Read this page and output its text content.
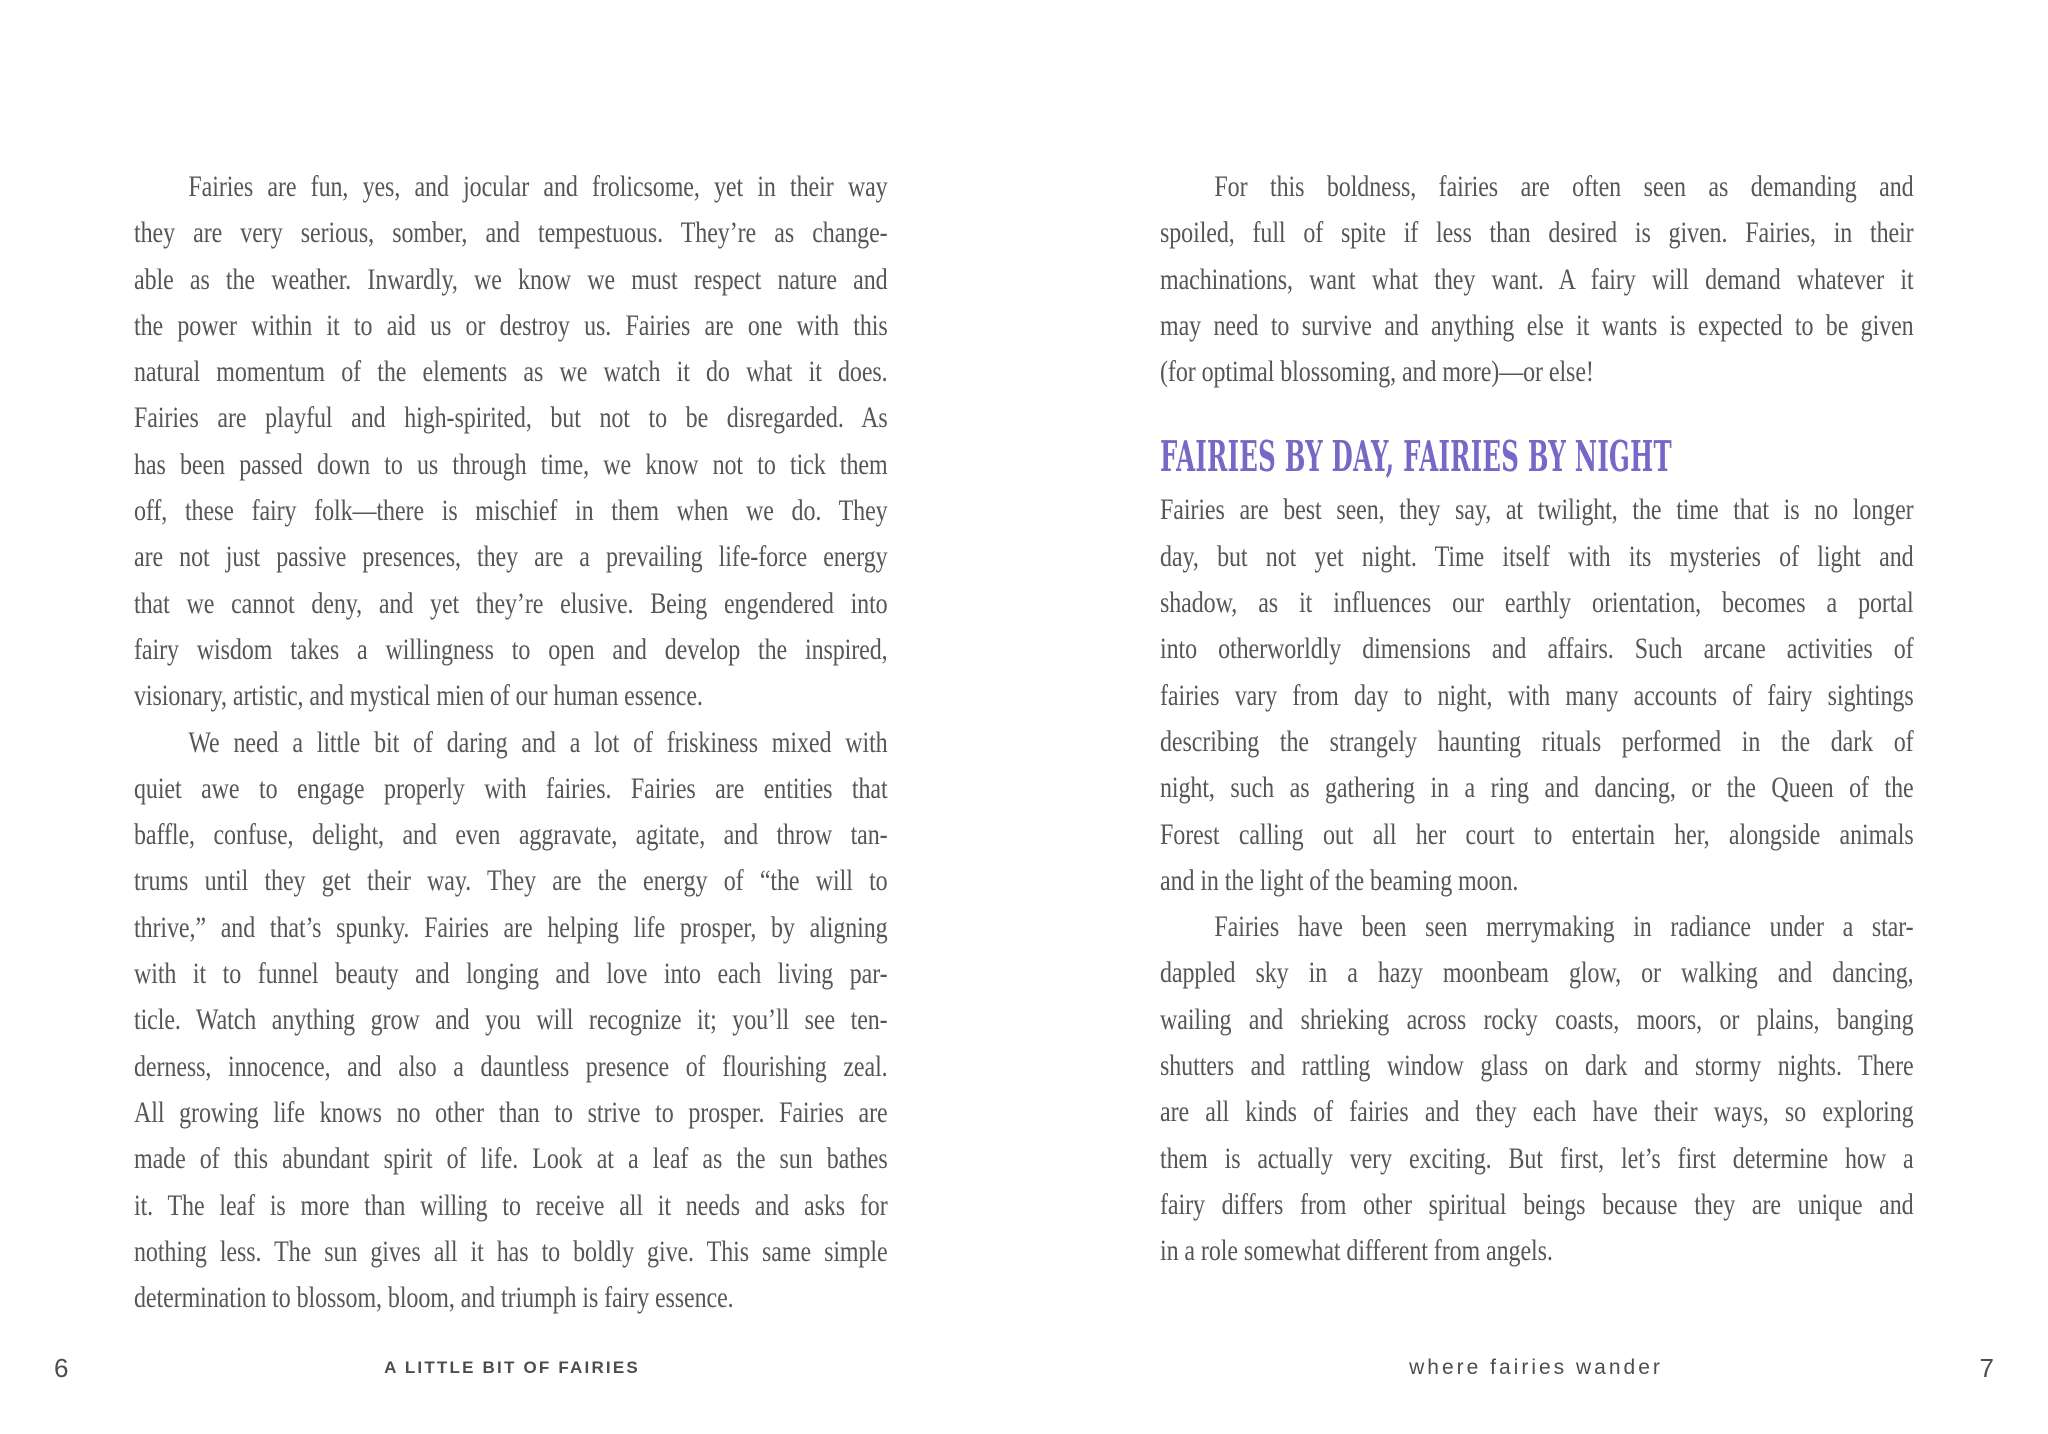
Fairies are fun, yes, and jocular and frolicsome, yet in their way
they are very serious, somber, and tempestuous. They’re as change-
able as the weather. Inwardly, we know we must respect nature and
the power within it to aid us or destroy us. Fairies are one with this
natural momentum of the elements as we watch it do what it does.
Fairies are playful and high-spirited, but not to be disregarded. As
has been passed down to us through time, we know not to tick them
off, these fairy folk—there is mischief in them when we do. They
are not just passive presences, they are a prevailing life-force energy
that we cannot deny, and yet they’re elusive. Being engendered into
fairy wisdom takes a willingness to open and develop the inspired,
visionary, artistic, and mystical mien of our human essence.
We need a little bit of daring and a lot of friskiness mixed with
quiet awe to engage properly with fairies. Fairies are entities that
baffle, confuse, delight, and even aggravate, agitate, and throw tan-
trums until they get their way. They are the energy of “the will to
thrive,” and that’s spunky. Fairies are helping life prosper, by aligning
with it to funnel beauty and longing and love into each living par-
ticle. Watch anything grow and you will recognize it; you’ll see ten-
derness, innocence, and also a dauntless presence of flourishing zeal.
All growing life knows no other than to strive to prosper. Fairies are
made of this abundant spirit of life. Look at a leaf as the sun bathes
it. The leaf is more than willing to receive all it needs and asks for
nothing less. The sun gives all it has to boldly give. This same simple
determination to blossom, bloom, and triumph is fairy essence.
6	A LITTLE BIT OF FAIRIES
For this boldness, fairies are often seen as demanding and
spoiled, full of spite if less than desired is given. Fairies, in their
machinations, want what they want. A fairy will demand whatever it
may need to survive and anything else it wants is expected to be given
(for optimal blossoming, and more)—or else!
FAIRIES BY DAY, FAIRIES BY NIGHT
Fairies are best seen, they say, at twilight, the time that is no longer
day, but not yet night. Time itself with its mysteries of light and
shadow, as it influences our earthly orientation, becomes a portal
into otherworldly dimensions and affairs. Such arcane activities of
fairies vary from day to night, with many accounts of fairy sightings
describing the strangely haunting rituals performed in the dark of
night, such as gathering in a ring and dancing, or the Queen of the
Forest calling out all her court to entertain her, alongside animals
and in the light of the beaming moon.
Fairies have been seen merrymaking in radiance under a star-
dappled sky in a hazy moonbeam glow, or walking and dancing,
wailing and shrieking across rocky coasts, moors, or plains, banging
shutters and rattling window glass on dark and stormy nights. There
are all kinds of fairies and they each have their ways, so exploring
them is actually very exciting. But first, let’s first determine how a
fairy differs from other spiritual beings because they are unique and
in a role somewhat different from angels.
where fairies wander	7
